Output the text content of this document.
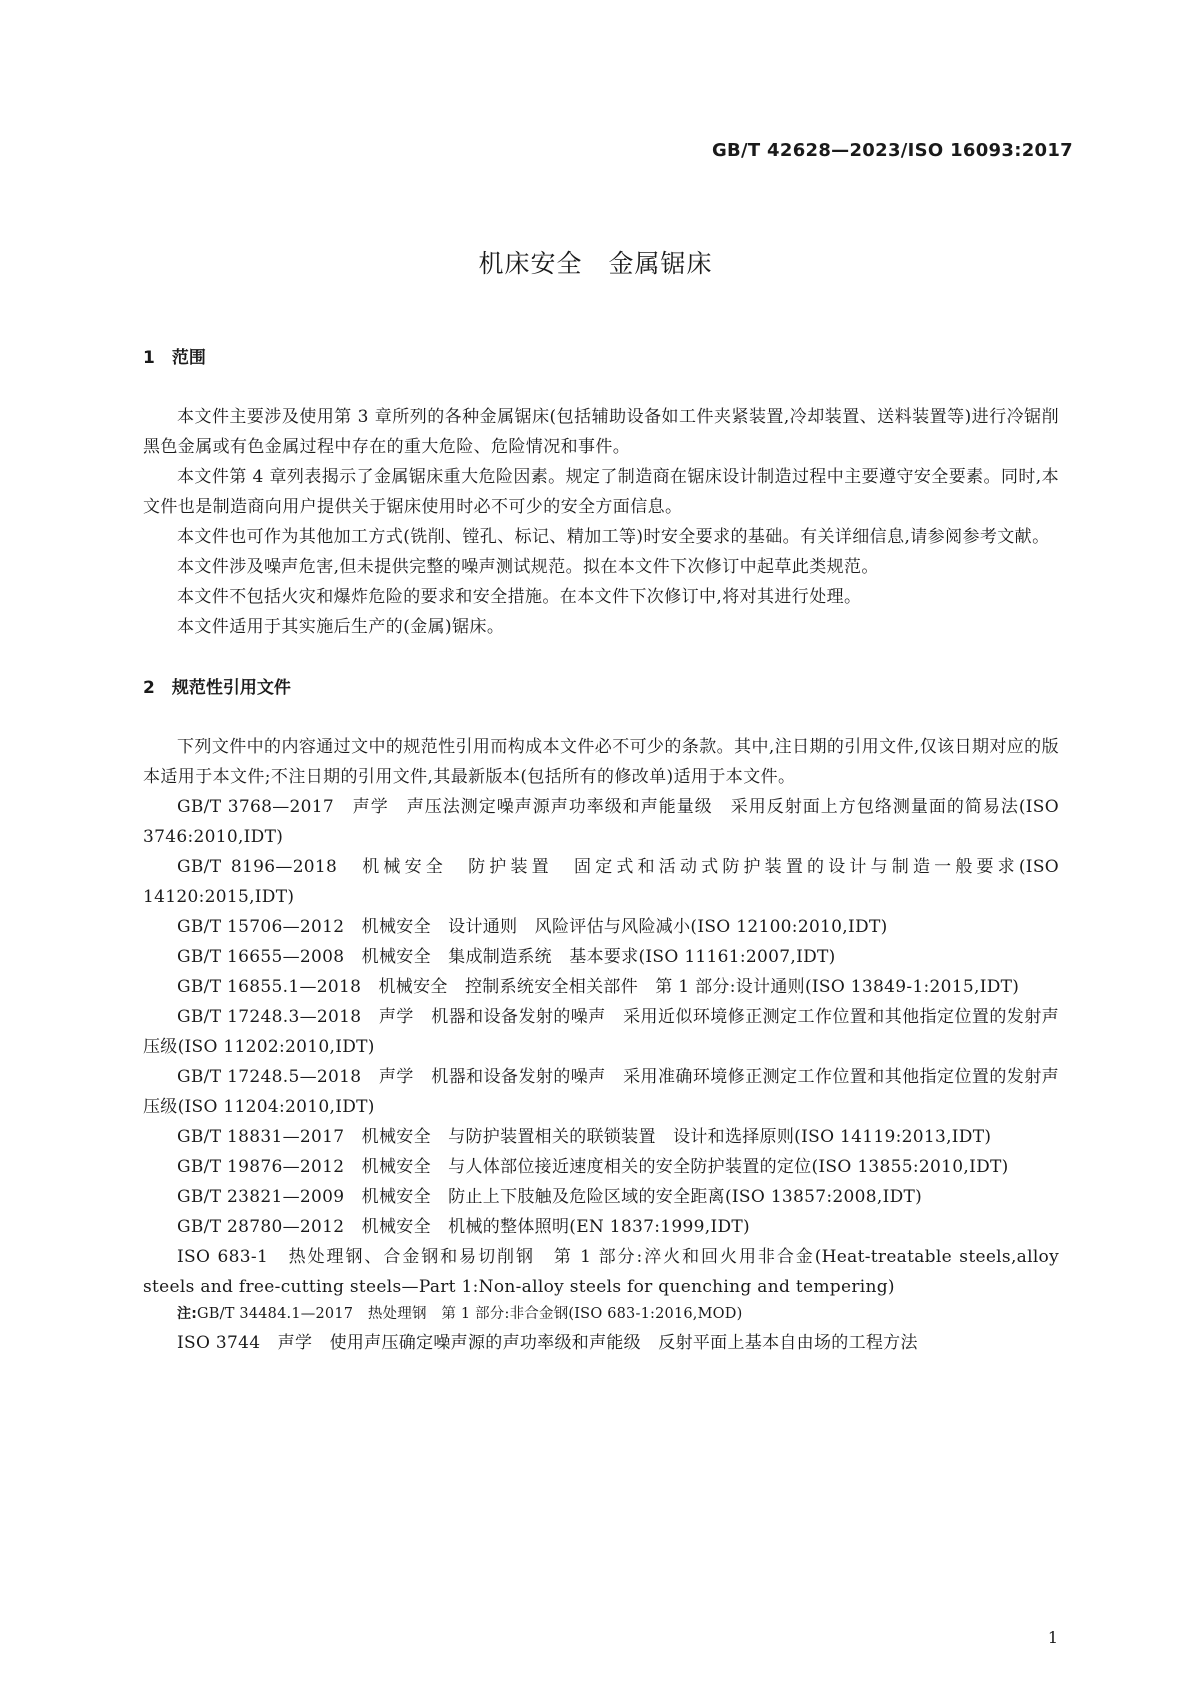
GB/T 42628—2023/ISO 16093:2017

机床安全　金属锯床
1　范围

本文件主要涉及使用第 3 章所列的各种金属锯床(包括辅助设备如工件夹紧装置,冷却装置、送料装置等)进行冷锯削黑色金属或有色金属过程中存在的重大危险、危险情况和事件。

本文件第 4 章列表揭示了金属锯床重大危险因素。规定了制造商在锯床设计制造过程中主要遵守安全要素。同时,本文件也是制造商向用户提供关于锯床使用时必不可少的安全方面信息。

本文件也可作为其他加工方式(铣削、镗孔、标记、精加工等)时安全要求的基础。有关详细信息,请参阅参考文献。

本文件涉及噪声危害,但未提供完整的噪声测试规范。拟在本文件下次修订中起草此类规范。

本文件不包括火灾和爆炸危险的要求和安全措施。在本文件下次修订中,将对其进行处理。

本文件适用于其实施后生产的(金属)锯床。

2　规范性引用文件

下列文件中的内容通过文中的规范性引用而构成本文件必不可少的条款。其中,注日期的引用文件,仅该日期对应的版本适用于本文件;不注日期的引用文件,其最新版本(包括所有的修改单)适用于本文件。

GB/T 3768—2017　声学　声压法测定噪声源声功率级和声能量级　采用反射面上方包络测量面的简易法(ISO 3746:2010,IDT)

GB/T 8196—2018　机械安全　防护装置　固定式和活动式防护装置的设计与制造一般要求(ISO 14120:2015,IDT)

GB/T 15706—2012　机械安全　设计通则　风险评估与风险减小(ISO 12100:2010,IDT)

GB/T 16655—2008　机械安全　集成制造系统　基本要求(ISO 11161:2007,IDT)

GB/T 16855.1—2018　机械安全　控制系统安全相关部件　第 1 部分:设计通则(ISO 13849-1:2015,IDT)

GB/T 17248.3—2018　声学　机器和设备发射的噪声　采用近似环境修正测定工作位置和其他指定位置的发射声压级(ISO 11202:2010,IDT)

GB/T 17248.5—2018　声学　机器和设备发射的噪声　采用准确环境修正测定工作位置和其他指定位置的发射声压级(ISO 11204:2010,IDT)

GB/T 18831—2017　机械安全　与防护装置相关的联锁装置　设计和选择原则(ISO 14119:2013,IDT)

GB/T 19876—2012　机械安全　与人体部位接近速度相关的安全防护装置的定位(ISO 13855:2010,IDT)

GB/T 23821—2009　机械安全　防止上下肢触及危险区域的安全距离(ISO 13857:2008,IDT)

GB/T 28780—2012　机械安全　机械的整体照明(EN 1837:1999,IDT)

ISO 683-1　热处理钢、合金钢和易切削钢　第 1 部分:淬火和回火用非合金(Heat-treatable steels,alloy steels and free-cutting steels—Part 1:Non-alloy steels for quenching and tempering)

注:GB/T 34484.1—2017　热处理钢　第 1 部分:非合金钢(ISO 683-1:2016,MOD)

ISO 3744　声学　使用声压确定噪声源的声功率级和声能级　反射平面上基本自由场的工程方法

1
